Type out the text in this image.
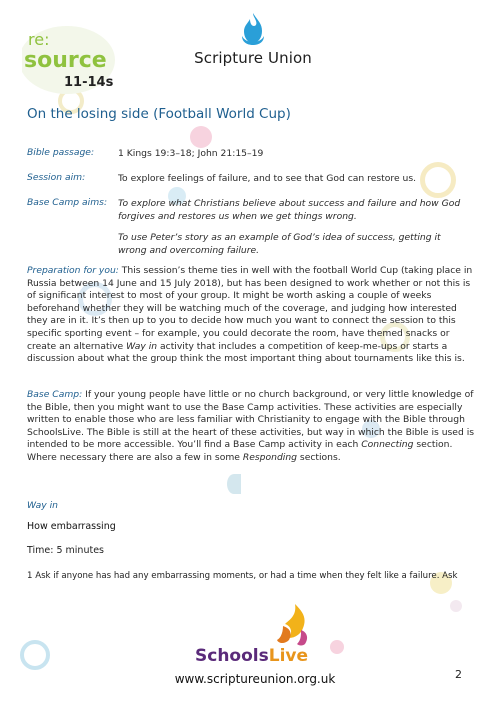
re:
source
11-14s
Scripture Union
On the losing side (Football World Cup)
Bible passage:	1 Kings 19:3–18; John 21:15–19
Session aim:	To explore feelings of failure, and to see that God can restore us.
Base Camp aims: To explore what Christians believe about success and failure and how God forgives and restores us when we get things wrong.
To use Peter’s story as an example of God’s idea of success, getting it wrong and overcoming failure.
Preparation for you: This session’s theme ties in well with the football World Cup (taking place in Russia between 14 June and 15 July 2018), but has been designed to work whether or not this is of significant interest to most of your group. It might be worth asking a couple of weeks beforehand whether they will be watching much of the coverage, and judging how interested they are in it. It’s then up to you to decide how much you want to connect the session to this specific sporting event – for example, you could decorate the room, have themed snacks or create an alternative Way in activity that includes a competition of keep-me-ups or starts a discussion about what the group think the most important thing about tournaments like this is.
Base Camp: If your young people have little or no church background, or very little knowledge of the Bible, then you might want to use the Base Camp activities. These activities are especially written to enable those who are less familiar with Christianity to engage with the Bible through SchoolsLive. The Bible is still at the heart of these activities, but way in which the Bible is used is intended to be more accessible. You’ll find a Base Camp activity in each Connecting section. Where necessary there are also a few in some Responding sections.
Way in
How embarrassing
Time: 5 minutes
1 Ask if anyone has had any embarrassing moments, or had a time when they felt like a failure. Ask
SchoolsLive
www.scriptureunion.org.uk	2
